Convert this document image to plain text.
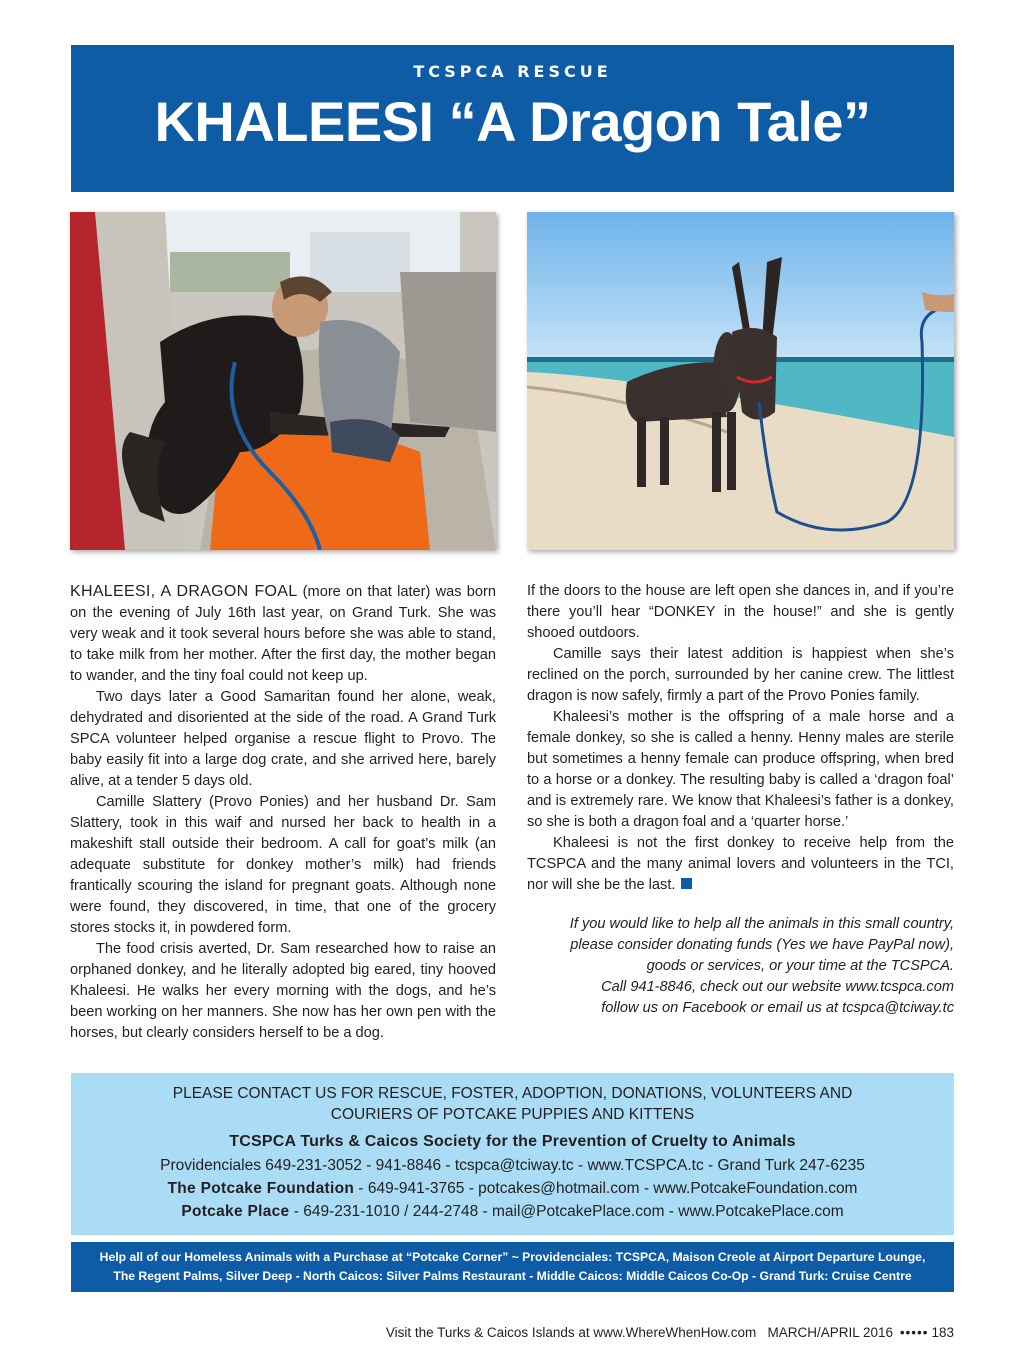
TCSPCA RESCUE
KHALEESI “A Dragon Tale”

KHALEESI, A DRAGON FOAL (more on that later) was born on the evening of July 16th last year, on Grand Turk. She was very weak and it took several hours before she was able to stand, to take milk from her mother. After the first day, the mother began to wander, and the tiny foal could not keep up.

Two days later a Good Samaritan found her alone, weak, dehydrated and disoriented at the side of the road. A Grand Turk SPCA volunteer helped organise a rescue flight to Provo. The baby easily fit into a large dog crate, and she arrived here, barely alive, at a tender 5 days old.

Camille Slattery (Provo Ponies) and her husband Dr. Sam Slattery, took in this waif and nursed her back to health in a makeshift stall outside their bedroom. A call for goat’s milk (an adequate substitute for donkey mother’s milk) had friends frantically scouring the island for pregnant goats. Although none were found, they discovered, in time, that one of the grocery stores stocks it, in powdered form.

The food crisis averted, Dr. Sam researched how to raise an orphaned donkey, and he literally adopted big eared, tiny hooved Khaleesi. He walks her every morning with the dogs, and he’s been working on her manners. She now has her own pen with the horses, but clearly considers herself to be a dog.

If the doors to the house are left open she dances in, and if you’re there you’ll hear “DONKEY in the house!” and she is gently shooed outdoors.

Camille says their latest addition is happiest when she’s reclined on the porch, surrounded by her canine crew. The littlest dragon is now safely, firmly a part of the Provo Ponies family.

Khaleesi’s mother is the offspring of a male horse and a female donkey, so she is called a henny. Henny males are sterile but sometimes a henny female can produce offspring, when bred to a horse or a donkey. The resulting baby is called a ‘dragon foal’ and is extremely rare. We know that Khaleesi’s father is a donkey, so she is both a dragon foal and a ‘quarter horse.’

Khaleesi is not the first donkey to receive help from the TCSPCA and the many animal lovers and volunteers in the TCI, nor will she be the last.

If you would like to help all the animals in this small country,
please consider donating funds (Yes we have PayPal now),
goods or services, or your time at the TCSPCA.
Call 941-8846, check out our website www.tcspca.com
follow us on Facebook or email us at tcspca@tciway.tc
PLEASE CONTACT US FOR RESCUE, FOSTER, ADOPTION, DONATIONS, VOLUNTEERS AND
COURIERS OF POTCAKE PUPPIES AND KITTENS
TCSPCA Turks & Caicos Society for the Prevention of Cruelty to Animals
Providenciales 649-231-3052 - 941-8846 - tcspca@tciway.tc - www.TCSPCA.tc - Grand Turk 247-6235
The Potcake Foundation - 649-941-3765 - potcakes@hotmail.com - www.PotcakeFoundation.com
Potcake Place - 649-231-1010 / 244-2748 - mail@PotcakePlace.com - www.PotcakePlace.com
Help all of our Homeless Animals with a Purchase at “Potcake Corner” ~ Providenciales: TCSPCA, Maison Creole at Airport Departure Lounge,
The Regent Palms, Silver Deep - North Caicos: Silver Palms Restaurant - Middle Caicos: Middle Caicos Co-Op - Grand Turk: Cruise Centre
Visit the Turks & Caicos Islands at www.WhereWhenHow.com MARCH/APRIL 2016 ••••• 183
